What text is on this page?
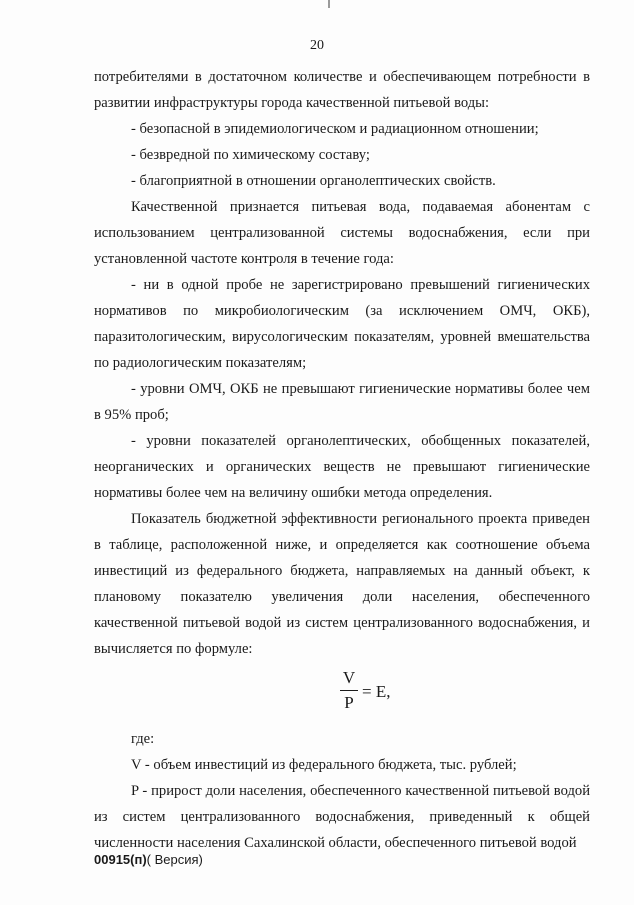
20

потребителями в достаточном количестве и обеспечивающем потребности в развитии инфраструктуры города качественной питьевой воды:

- безопасной в эпидемиологическом и радиационном отношении;

- безвредной по химическому составу;

- благоприятной в отношении органолептических свойств.

Качественной признается питьевая вода, подаваемая абонентам с использованием централизованной системы водоснабжения, если при установленной частоте контроля в течение года:

- ни в одной пробе не зарегистрировано превышений гигиенических нормативов по микробиологическим (за исключением ОМЧ, ОКБ), паразитологическим, вирусологическим показателям, уровней вмешательства по радиологическим показателям;

- уровни ОМЧ, ОКБ не превышают гигиенические нормативы более чем в 95% проб;

- уровни показателей органолептических, обобщенных показателей, неорганических и органических веществ не превышают гигиенические нормативы более чем на величину ошибки метода определения.

Показатель бюджетной эффективности регионального проекта приведен в таблице, расположенной ниже, и определяется как соотношение объема инвестиций из федерального бюджета, направляемых на данный объект, к плановому показателю увеличения доли населения, обеспеченного качественной питьевой водой из систем централизованного водоснабжения, и вычисляется по формуле:

V
P
= E,

где:

V - объем инвестиций из федерального бюджета, тыс. рублей;

P - прирост доли населения, обеспеченного качественной питьевой водой из систем централизованного водоснабжения, приведенный к общей численности населения Сахалинской области, обеспеченного питьевой водой

00915(п)( Версия)
